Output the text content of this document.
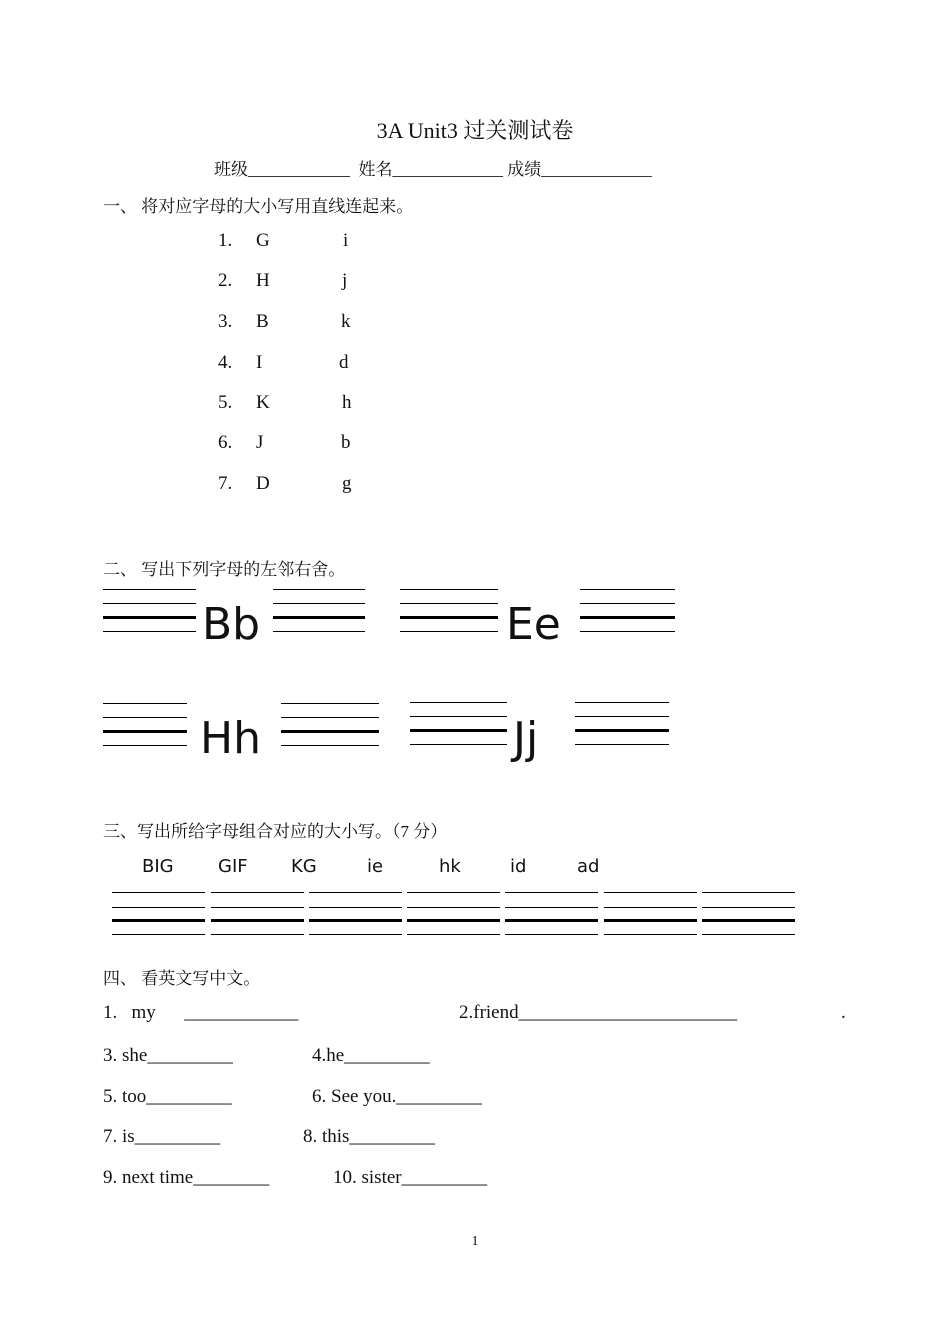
3A Unit3 过关测试卷
班级____________  姓名_____________ 成绩_____________
一、 将对应字母的大小写用直线连起来。
1.	G	i
2.	H	j
3.	B	k
4.	I	d
5.	K	h
6.	J	b
7.	D	g
二、 写出下列字母的左邻右舍。
Bb	Ee
Hh	Jj
三、写出所给字母组合对应的大小写。（7 分）
BIG GIF KG	ie	hk	id	ad
四、 看英文写中文。
1.   my      ____________	2.friend_______________________	.
3. she_________	4.he_________
5. too_________	6. See you._________
7. is_________	8. this_________
9. next time________	10. sister_________
1
